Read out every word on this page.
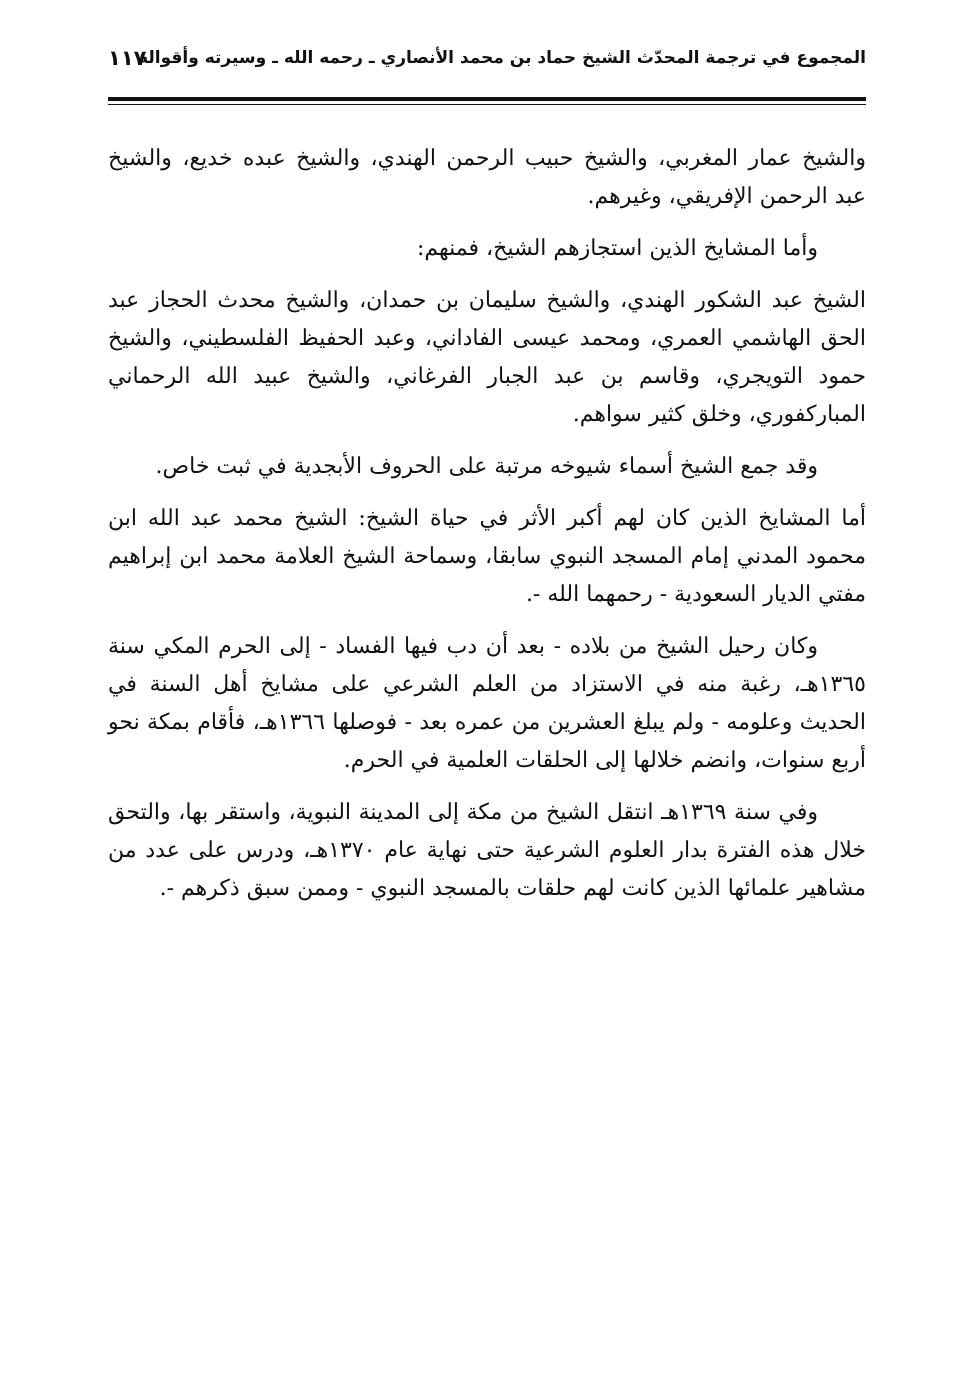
المجموع في ترجمة المحدّث الشيخ حماد بن محمد الأنصاري ـ رحمه الله ـ وسيرته وأقواله
١١٧

والشيخ عمار المغربي، والشيخ حبيب الرحمن الهندي، والشيخ عبده خديع، والشيخ عبد الرحمن الإفريقي، وغيرهم.

وأما المشايخ الذين استجازهم الشيخ، فمنهم:

الشيخ عبد الشكور الهندي، والشيخ سليمان بن حمدان، والشيخ محدث الحجاز عبد الحق الهاشمي العمري، ومحمد عيسى الفاداني، وعبد الحفيظ الفلسطيني، والشيخ حمود التويجري، وقاسم بن عبد الجبار الفرغاني، والشيخ عبيد الله الرحماني المباركفوري، وخلق كثير سواهم.

وقد جمع الشيخ أسماء شيوخه مرتبة على الحروف الأبجدية في ثبت خاص.

أما المشايخ الذين كان لهم أكبر الأثر في حياة الشيخ: الشيخ محمد عبد الله ابن محمود المدني إمام المسجد النبوي سابقا، وسماحة الشيخ العلامة محمد ابن إبراهيم مفتي الديار السعودية - رحمهما الله -.

وكان رحيل الشيخ من بلاده - بعد أن دب فيها الفساد - إلى الحرم المكي سنة ١٣٦٥هـ، رغبة منه في الاستزاد من العلم الشرعي على مشايخ أهل السنة في الحديث وعلومه - ولم يبلغ العشرين من عمره بعد - فوصلها ١٣٦٦هـ، فأقام بمكة نحو أربع سنوات، وانضم خلالها إلى الحلقات العلمية في الحرم.

وفي سنة ١٣٦٩هـ انتقل الشيخ من مكة إلى المدينة النبوية، واستقر بها، والتحق خلال هذه الفترة بدار العلوم الشرعية حتى نهاية عام ١٣٧٠هـ، ودرس على عدد من مشاهير علمائها الذين كانت لهم حلقات بالمسجد النبوي - وممن سبق ذكرهم -.
